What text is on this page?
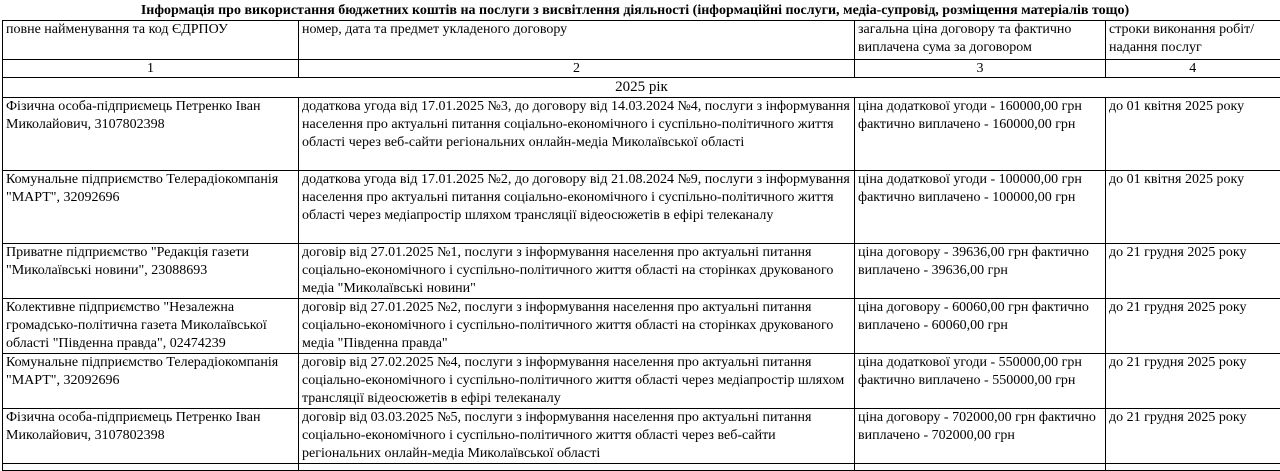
Інформація про використання бюджетних коштів на послуги з висвітлення діяльності (інформаційні послуги, медіа-супровід, розміщення матеріалів тощо)
повне найменування та код ЄДРПОУ	номер, дата та предмет укладеного договору	загальна ціна договору та фактично виплачена сума за договором	строки виконання робіт/надання послуг
1	2	3	4
2025 рік			
Фізична особа-підприємець Петренко Іван Миколайович, 3107802398	додаткова угода від 17.01.2025 №3, до договору від 14.03.2024 №4, послуги з інформування населення про актуальні питання соціально-економічного і суспільно-політичного життя області через веб-сайти регіональних онлайн-медіа Миколаївської області	ціна додаткової угоди - 160000,00 грн фактично виплачено - 160000,00 грн	до 01 квітня 2025 року
Комунальне підприємство Телерадіокомпанія "МАРТ", 32092696	додаткова угода від 17.01.2025 №2, до договору від 21.08.2024 №9, послуги з інформування населення про актуальні питання соціально-економічного і суспільно-політичного життя області через медіапростір шляхом трансляції відеосюжетів в ефірі телеканалу	ціна додаткової угоди - 100000,00 грн фактично виплачено - 100000,00 грн	до 01 квітня 2025 року
Приватне підприємство "Редакція газети "Миколаївські новини", 23088693	договір від 27.01.2025 №1, послуги з інформування населення про актуальні питання соціально-економічного і суспільно-політичного життя області на сторінках друкованого медіа "Миколаївські новини"	ціна договору - 39636,00 грн фактично виплачено - 39636,00 грн	до 21 грудня 2025 року
Колективне підприємство "Незалежна громадсько-політична газета Миколаївської області "Південна правда", 02474239	договір від 27.01.2025 №2, послуги з інформування населення про актуальні питання соціально-економічного і суспільно-політичного життя області на сторінках друкованого медіа "Південна правда"	ціна договору - 60060,00 грн фактично виплачено - 60060,00 грн	до 21 грудня 2025 року
Комунальне підприємство Телерадіокомпанія "МАРТ", 32092696	договір від 27.02.2025 №4, послуги з інформування населення про актуальні питання соціально-економічного і суспільно-політичного життя області через медіапростір шляхом трансляції відеосюжетів в ефірі телеканалу	ціна додаткової угоди - 550000,00 грн фактично виплачено - 550000,00 грн	до 21 грудня 2025 року
Фізична особа-підприємець Петренко Іван Миколайович, 3107802398	договір від 03.03.2025 №5, послуги з інформування населення про актуальні питання соціально-економічного і суспільно-політичного життя області через веб-сайти регіональних онлайн-медіа Миколаївської області	ціна договору - 702000,00 грн фактично виплачено - 702000,00 грн	до 21 грудня 2025 року
